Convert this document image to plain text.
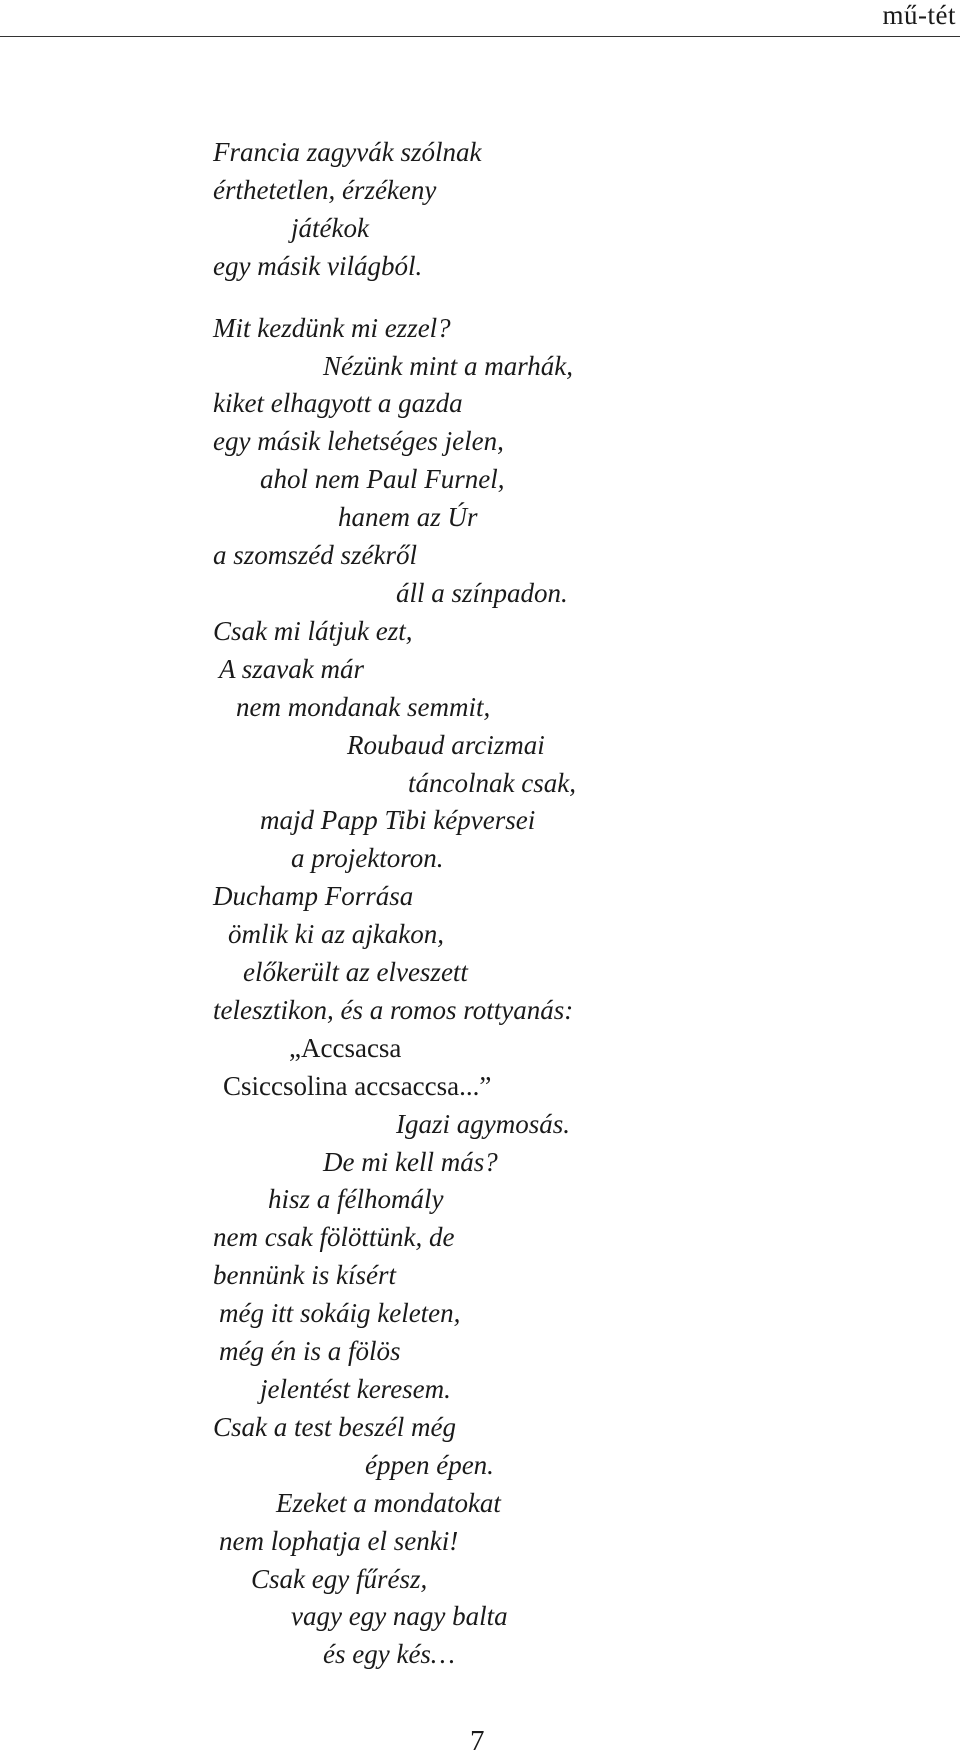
mű-tét
Francia zagyvák szólnak
érthetetlen, érzékeny
játékok
egy másik világból.
Mit kezdünk mi ezzel?
Nézünk mint a marhák,
kiket elhagyott a gazda
egy másik lehetséges jelen,
ahol nem Paul Furnel,
hanem az Úr
a szomszéd székről
áll a színpadon.
Csak mi látjuk ezt,
A szavak már
nem mondanak semmit,
Roubaud arcizmai
táncolnak csak,
majd Papp Tibi képversei
a projektoron.
Duchamp Forrása
ömlik ki az ajkakon,
előkerült az elveszett
telesztikon, és a romos rottyanás:
„Accsacsa
Csiccsolina accsaccsa...”
Igazi agymosás.
De mi kell más?
hisz a félhomály
nem csak fölöttünk, de
bennünk is kísért
még itt sokáig keleten,
még én is a fölös
jelentést keresem.
Csak a test beszél még
éppen épen.
Ezeket a mondatokat
nem lophatja el senki!
Csak egy fűrész,
vagy egy nagy balta
és egy kés…
7
